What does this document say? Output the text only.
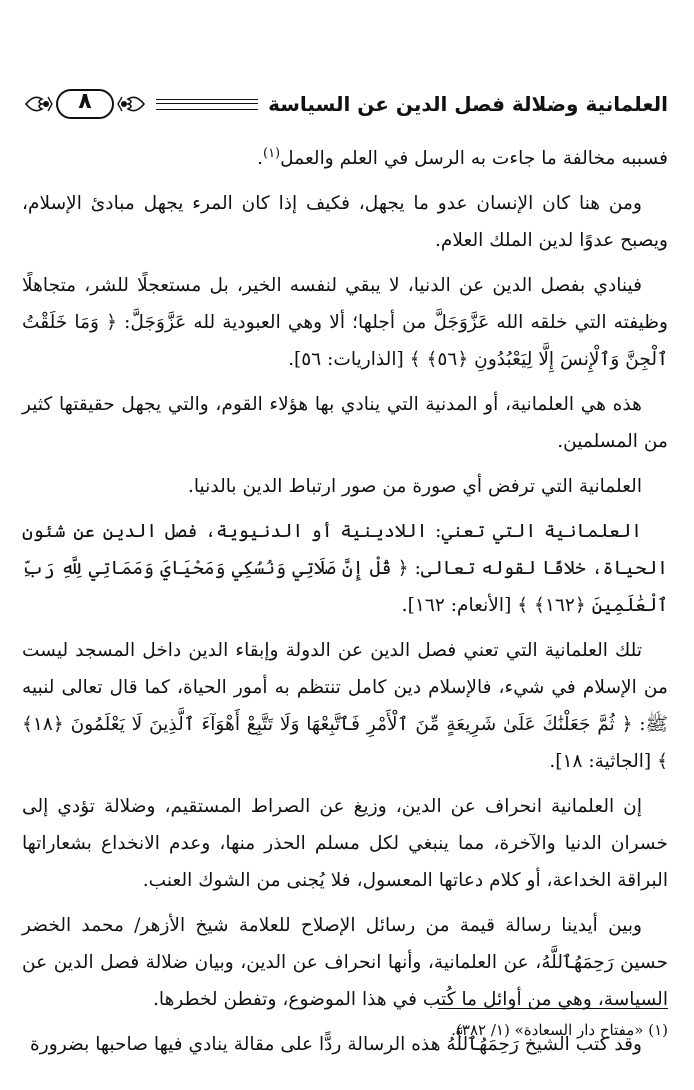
العلمانية وضلالة فصل الدين عن السياسة
٨

فسببه مخالفة ما جاءت به الرسل في العلم والعمل$^{(١)}$.

ومن هنا كان الإنسان عدو ما يجهل، فكيف إذا كان المرء يجهل مبادئ الإسلام، ويصبح عدوًا لدين الملك العلام.

فينادي بفصل الدين عن الدنيا، لا يبقي لنفسه الخير، بل مستعجلًا للشر، متجاهلًا وظيفته التي خلقه الله عَزَّوَجَلَّ من أجلها؛ ألا وهي العبودية لله عَزَّوَجَلَّ: ﴿ وَمَا خَلَقْتُ ٱلْجِنَّ وَٱلْإِنسَ إِلَّا لِيَعْبُدُونِ ﴿٥٦﴾ ﴾ [الذاريات: ٥٦].

هذه هي العلمانية، أو المدنية التي ينادي بها هؤلاء القوم، والتي يجهل حقيقتها كثير من المسلمين.

العلمانية التي ترفض أي صورة من صور ارتباط الدين بالدنيا.

العلمانية التي تعني: اللادينية أو الدنيوية، فصل الدين عن شئون الحياة، خلافًا لقوله تعالى: ﴿ قُلْ إِنَّ صَلَاتِي وَنُسُكِي وَمَحْيَايَ وَمَمَاتِي لِلَّهِ رَبِّ ٱلْعَٰلَمِينَ ﴿١٦٢﴾ ﴾ [الأنعام: ١٦٢].

تلك العلمانية التي تعني فصل الدين عن الدولة وإبقاء الدين داخل المسجد ليست من الإسلام في شيء، فالإسلام دين كامل تنتظم به أمور الحياة، كما قال تعالى لنبيه ﷺ: ﴿ ثُمَّ جَعَلْنَٰكَ عَلَىٰ شَرِيعَةٍ مِّنَ ٱلْأَمْرِ فَٱتَّبِعْهَا وَلَا تَتَّبِعْ أَهْوَآءَ ٱلَّذِينَ لَا يَعْلَمُونَ ﴿١٨﴾ ﴾ [الجاثية: ١٨].

إن العلمانية انحراف عن الدين، وزيغ عن الصراط المستقيم، وضلالة تؤدي إلى خسران الدنيا والآخرة، مما ينبغي لكل مسلم الحذر منها، وعدم الانخداع بشعاراتها البراقة الخداعة، أو كلام دعاتها المعسول، فلا يُجنى من الشوك العنب.

وبين أيدينا رسالة قيمة من رسائل الإصلاح للعلامة شيخ الأزهر/ محمد الخضر حسين رَحِمَهُٱللَّهُ، عن العلمانية، وأنها انحراف عن الدين، وبيان ضلالة فصل الدين عن السياسة، وهي من أوائل ما كُتب في هذا الموضوع، وتفطن لخطرها.

وقد كتب الشيخ رَحِمَهُٱللَّهُ هذه الرسالة ردًّا على مقالة ينادي فيها صاحبها بضرورة

(١) «مفتاح دار السعادة» (١/ ٣٨٢).
